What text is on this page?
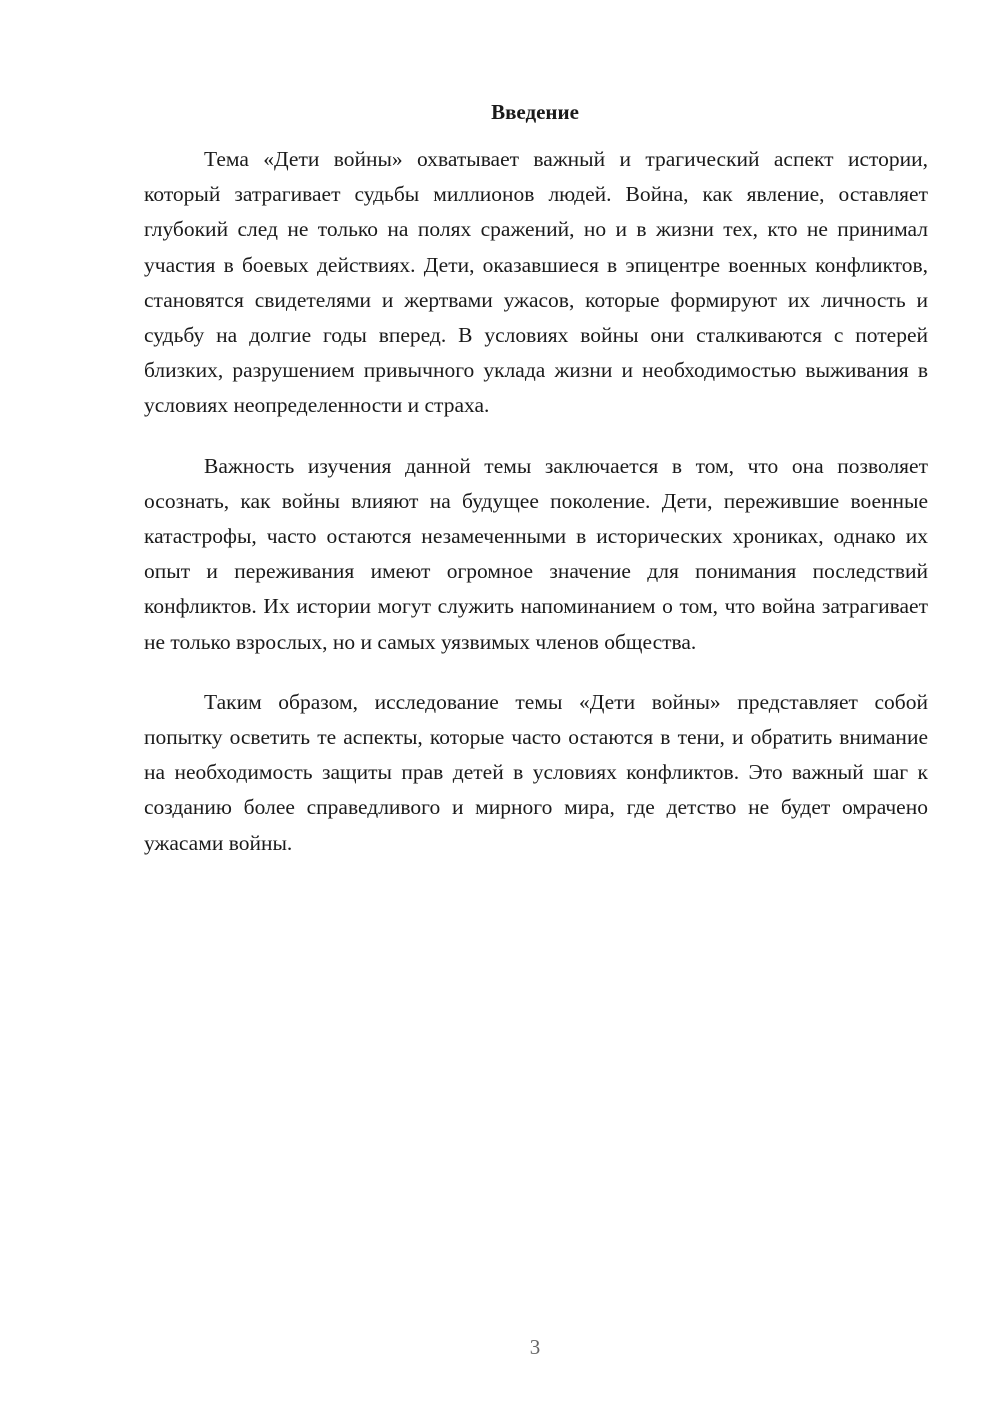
Введение

Тема «Дети войны» охватывает важный и трагический аспект истории, который затрагивает судьбы миллионов людей. Война, как явление, оставляет глубокий след не только на полях сражений, но и в жизни тех, кто не принимал участия в боевых действиях. Дети, оказавшиеся в эпицентре военных конфликтов, становятся свидетелями и жертвами ужасов, которые формируют их личность и судьбу на долгие годы вперед. В условиях войны они сталкиваются с потерей близких, разрушением привычного уклада жизни и необходимостью выживания в условиях неопределенности и страха.

Важность изучения данной темы заключается в том, что она позволяет осознать, как войны влияют на будущее поколение. Дети, пережившие военные катастрофы, часто остаются незамеченными в исторических хрониках, однако их опыт и переживания имеют огромное значение для понимания последствий конфликтов. Их истории могут служить напоминанием о том, что война затрагивает не только взрослых, но и самых уязвимых членов общества.

Таким образом, исследование темы «Дети войны» представляет собой попытку осветить те аспекты, которые часто остаются в тени, и обратить внимание на необходимость защиты прав детей в условиях конфликтов. Это важный шаг к созданию более справедливого и мирного мира, где детство не будет омрачено ужасами войны.

3
